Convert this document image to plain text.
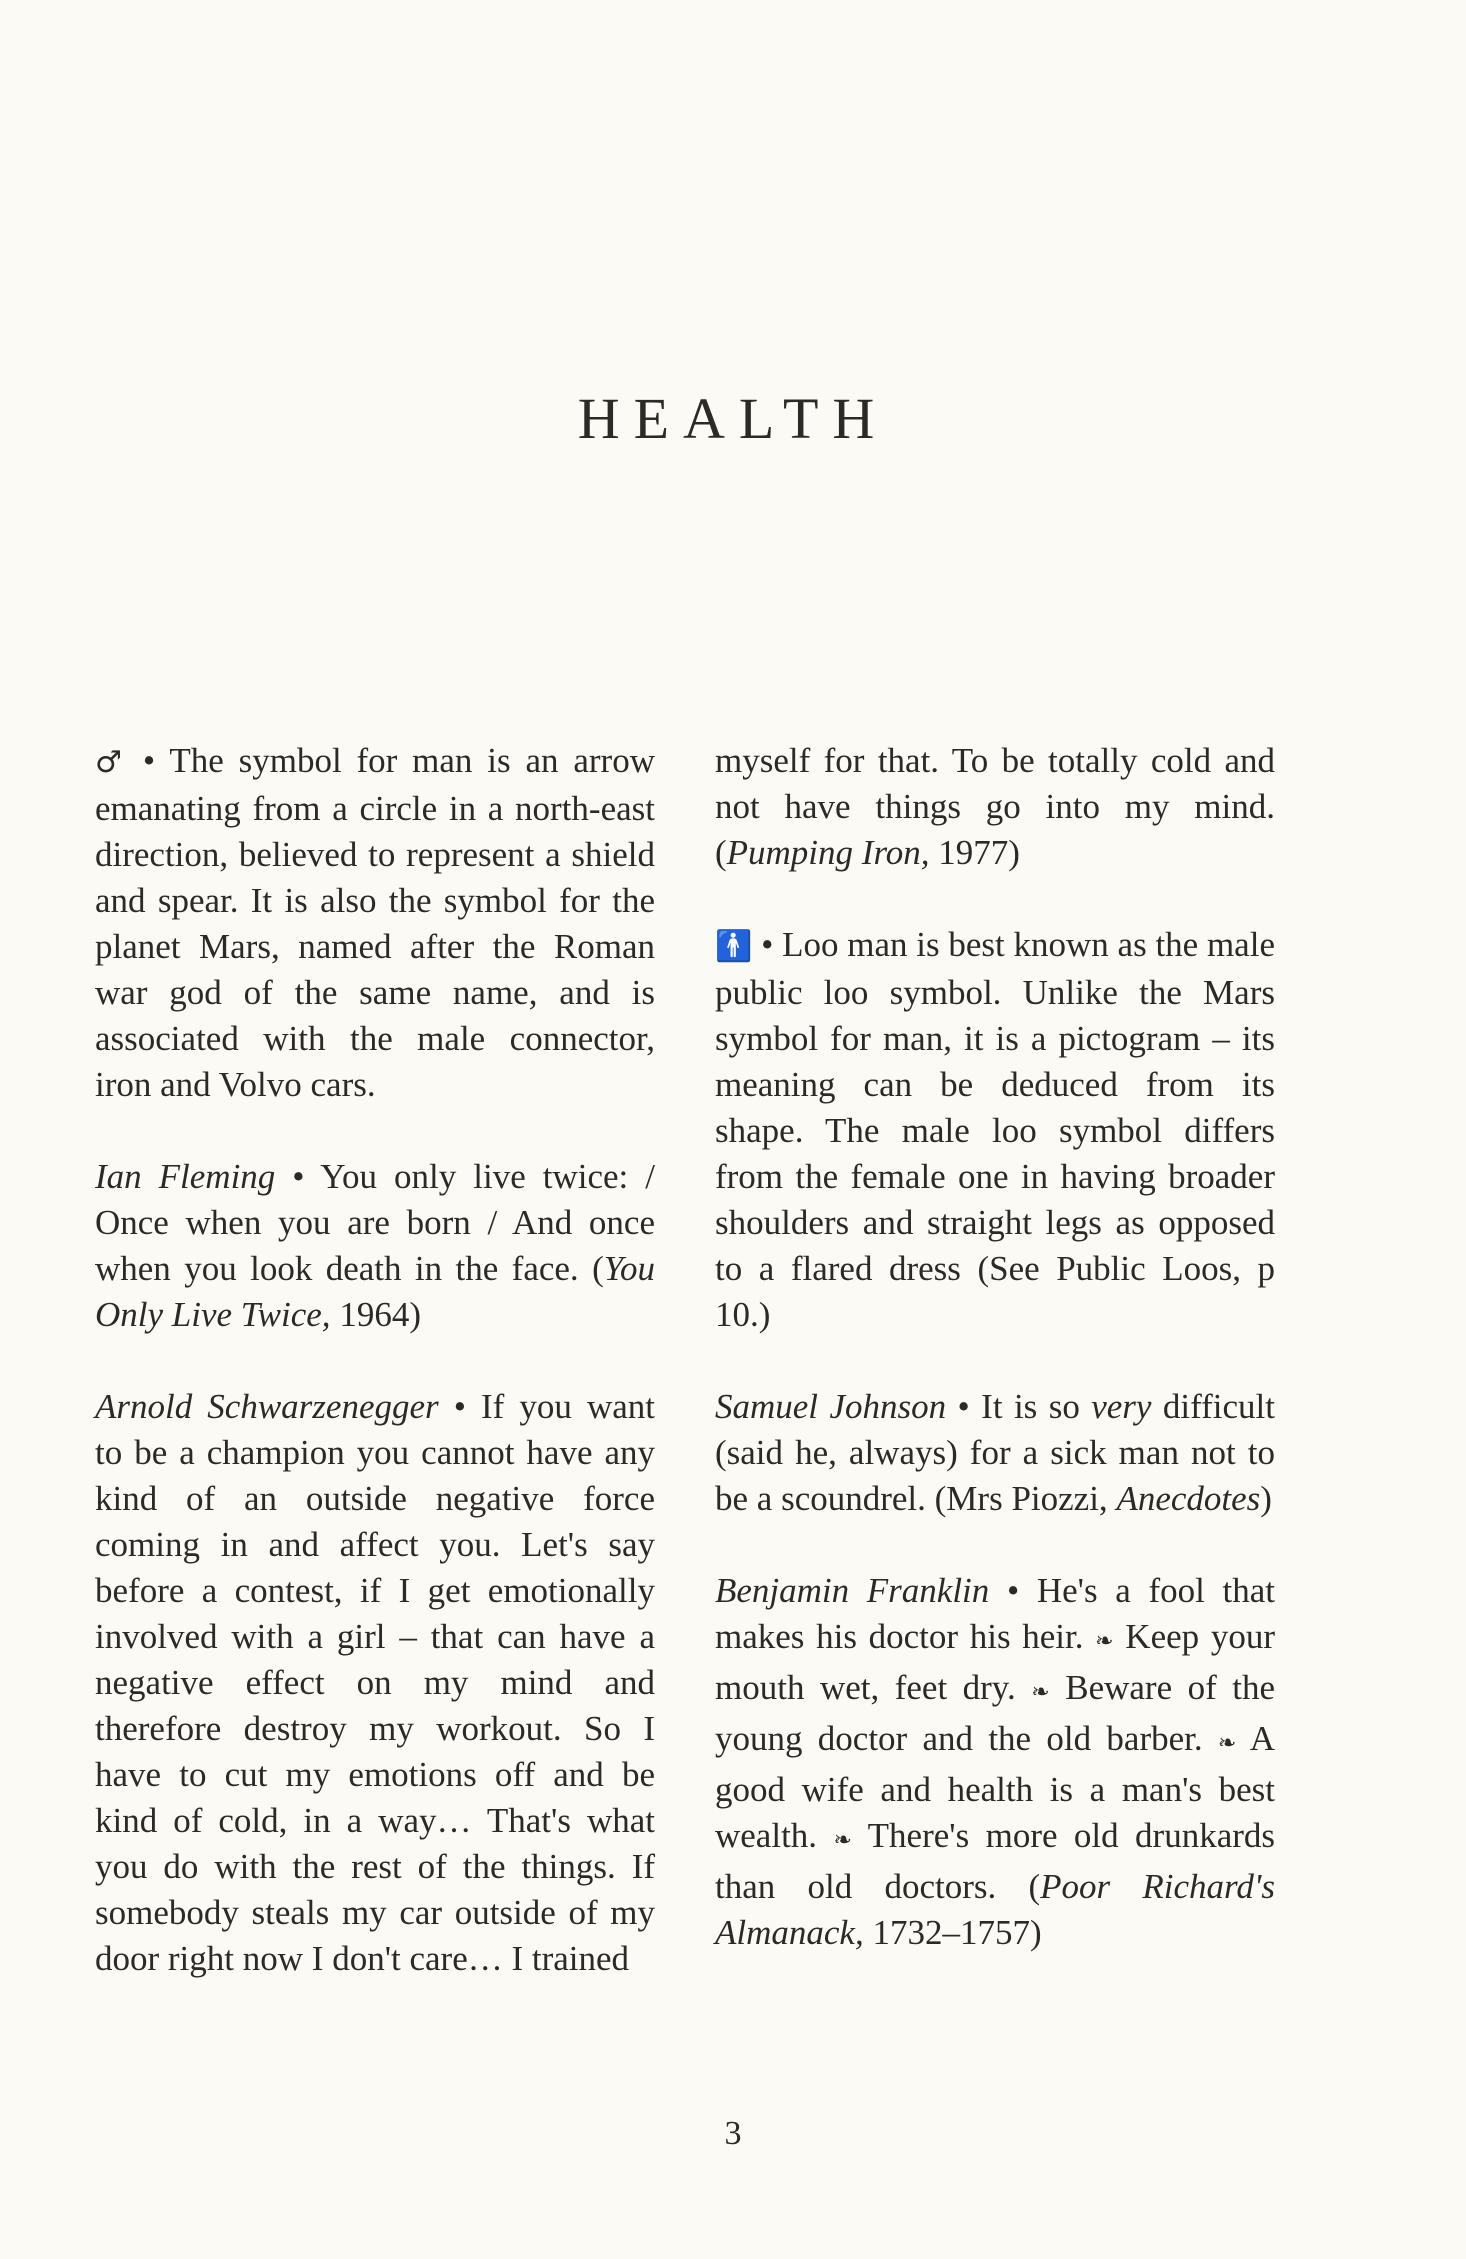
HEALTH

♂ • The symbol for man is an arrow emanating from a circle in a north-east direction, believed to represent a shield and spear. It is also the symbol for the planet Mars, named after the Roman war god of the same name, and is associated with the male connector, iron and Volvo cars.

Ian Fleming • You only live twice: / Once when you are born / And once when you look death in the face. (You Only Live Twice, 1964)

Arnold Schwarzenegger • If you want to be a champion you cannot have any kind of an outside negative force coming in and affect you. Let's say before a contest, if I get emotionally involved with a girl – that can have a negative effect on my mind and therefore destroy my workout. So I have to cut my emotions off and be kind of cold, in a way… That's what you do with the rest of the things. If somebody steals my car outside of my door right now I don't care… I trained

myself for that. To be totally cold and not have things go into my mind. (Pumping Iron, 1977)

🚹 • Loo man is best known as the male public loo symbol. Unlike the Mars symbol for man, it is a pictogram – its meaning can be deduced from its shape. The male loo symbol differs from the female one in having broader shoulders and straight legs as opposed to a flared dress (See Public Loos, p 10.)

Samuel Johnson • It is so very difficult (said he, always) for a sick man not to be a scoundrel. (Mrs Piozzi, Anecdotes)

Benjamin Franklin • He's a fool that makes his doctor his heir. ❧ Keep your mouth wet, feet dry. ❧ Beware of the young doctor and the old barber. ❧ A good wife and health is a man's best wealth. ❧ There's more old drunkards than old doctors. (Poor Richard's Almanack, 1732–1757)

3
